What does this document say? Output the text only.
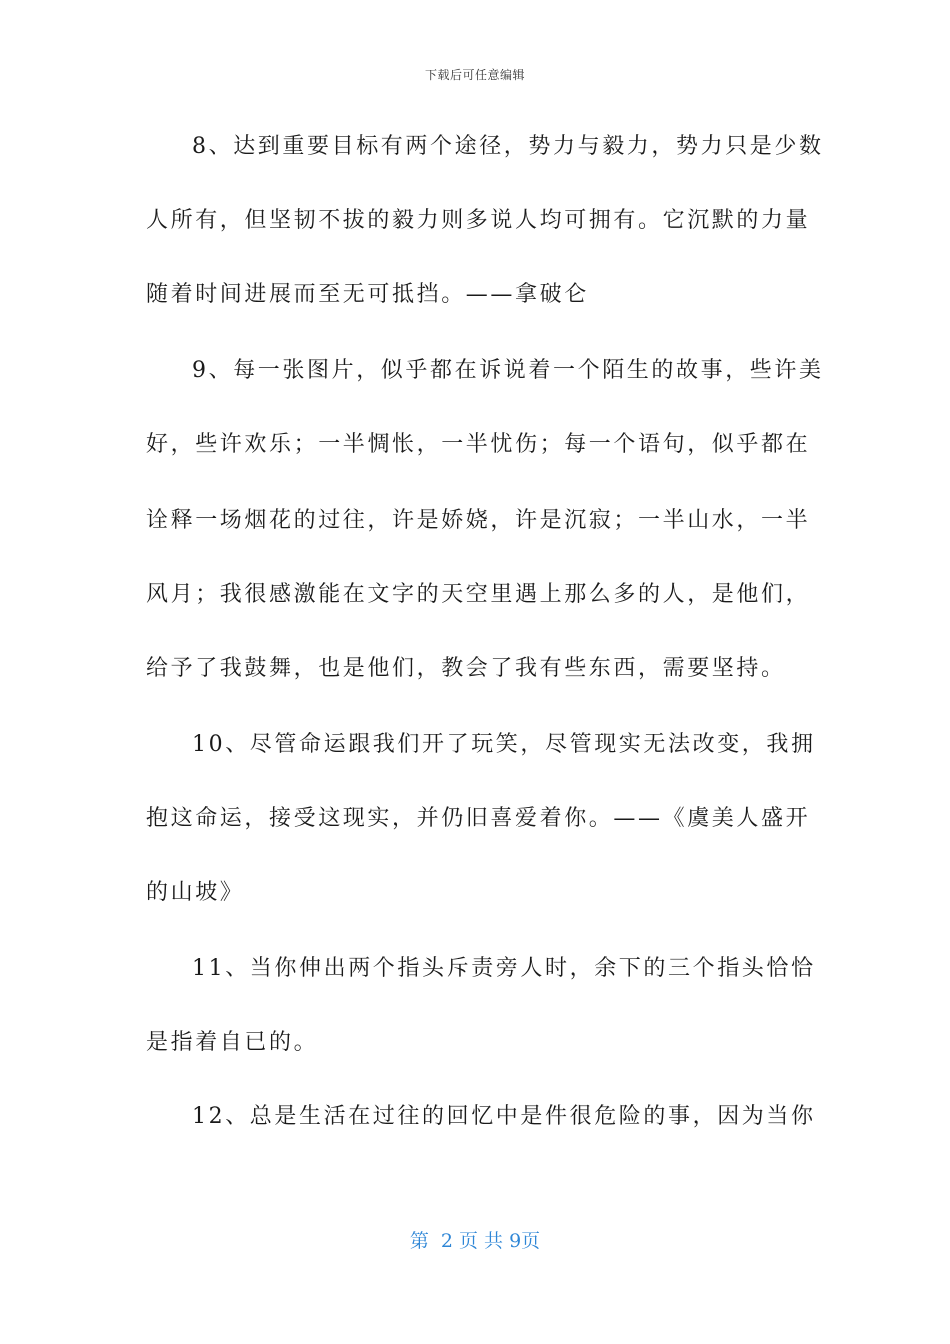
下载后可任意编辑
8、达到重要目标有两个途径，势力与毅力，势力只是少数
人所有，但坚韧不拔的毅力则多说人均可拥有。它沉默的力量
随着时间进展而至无可抵挡。——拿破仑
9、每一张图片，似乎都在诉说着一个陌生的故事，些许美
好，些许欢乐；一半惆怅，一半忧伤；每一个语句，似乎都在
诠释一场烟花的过往，许是娇娆，许是沉寂；一半山水，一半
风月；我很感激能在文字的天空里遇上那么多的人，是他们，
给予了我鼓舞，也是他们，教会了我有些东西，需要坚持。
10、尽管命运跟我们开了玩笑，尽管现实无法改变，我拥
抱这命运，接受这现实，并仍旧喜爱着你。——《虞美人盛开
的山坡》
11、当你伸出两个指头斥责旁人时，余下的三个指头恰恰
是指着自已的。
12、总是生活在过往的回忆中是件很危险的事，因为当你
第  2 页 共 9页
